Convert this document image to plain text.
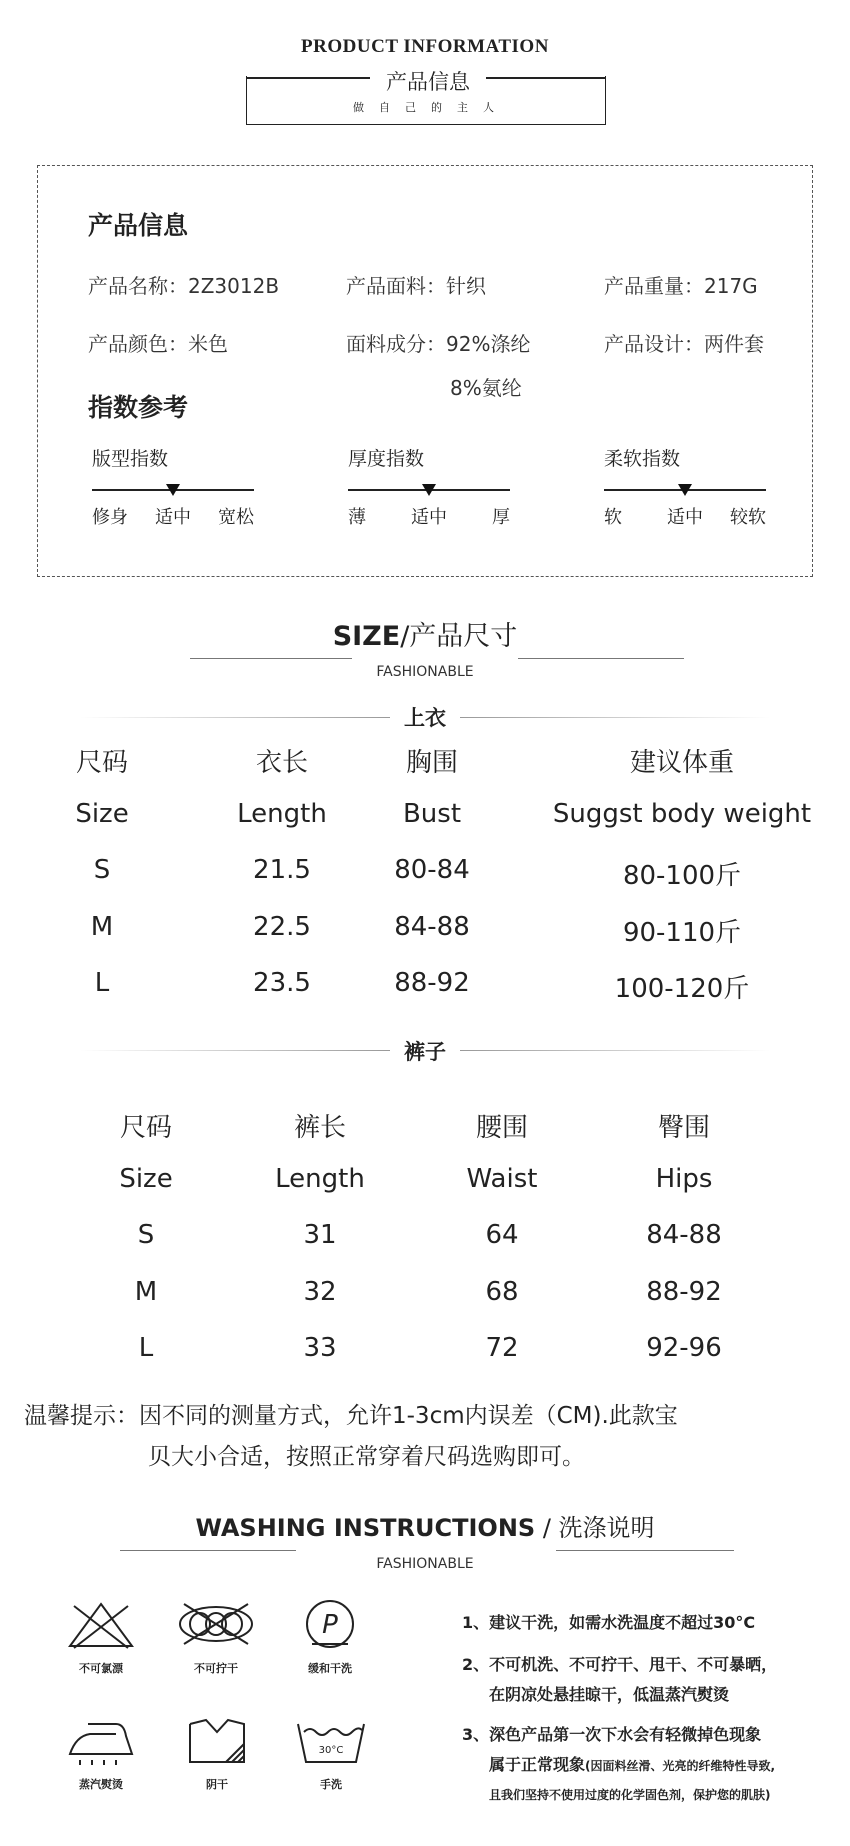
PRODUCT INFORMATION
产品信息
做自己的主人
产品信息
产品名称：2Z3012B	产品面料：针织	产品重量：217G
产品颜色：米色	面料成分：92%涤纶
8%氨纶
产品设计：两件套
指数参考
版型指数
修身	适中	宽松
厚度指数
薄	适中	厚
柔软指数
软	适中	较软
SIZE/产品尺寸
FASHIONABLE
上衣
尺码	衣长	胸围	建议体重
Size	Length	Bust	Suggst body weight
S	21.5	80-84	80-100斤
M	22.5	84-88	90-110斤
L	23.5	88-92	100-120斤
裤子
尺码	裤长	腰围	臀围
Size	Length	Waist	Hips
S	31	64	84-88
M	32	68	88-92
L	33	72	92-96
温馨提示：因不同的测量方式，允许1-3cm内误差（CM).此款宝
贝大小合适，按照正常穿着尺码选购即可。
WASHING INSTRUCTIONS / 洗涤说明
FASHIONABLE
不可氯漂	不可拧干
P
缓和干洗
蒸汽熨烫	阴干
30°C
手洗
1、建议干洗，如需水洗温度不超过30°C
2、不可机洗、不可拧干、甩干、不可暴晒，
在阴凉处悬挂晾干，低温蒸汽熨烫
3、深色产品第一次下水会有轻微掉色现象
属于正常现象(因面料丝滑、光亮的纤维特性导致,
且我们坚持不使用过度的化学固色剂，保护您的肌肤)
